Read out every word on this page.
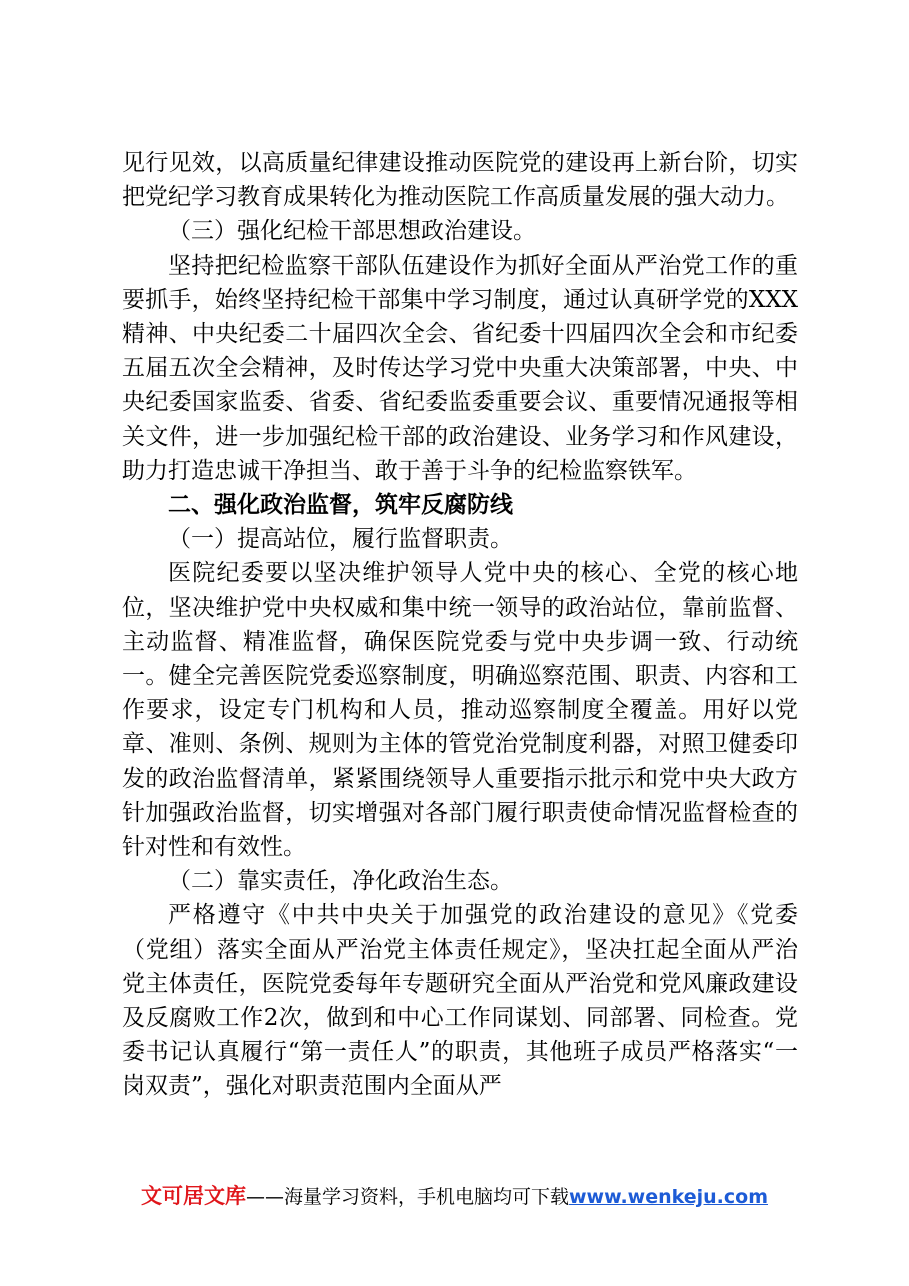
见行见效，以高质量纪律建设推动医院党的建设再上新台阶，切实把党纪学习教育成果转化为推动医院工作高质量发展的强大动力。

（三）强化纪检干部思想政治建设。

坚持把纪检监察干部队伍建设作为抓好全面从严治党工作的重要抓手，始终坚持纪检干部集中学习制度，通过认真研学党的XXX精神、中央纪委二十届四次全会、省纪委十四届四次全会和市纪委五届五次全会精神，及时传达学习党中央重大决策部署，中央、中央纪委国家监委、省委、省纪委监委重要会议、重要情况通报等相关文件，进一步加强纪检干部的政治建设、业务学习和作风建设，助力打造忠诚干净担当、敢于善于斗争的纪检监察铁军。

二、强化政治监督，筑牢反腐防线

（一）提高站位，履行监督职责。

医院纪委要以坚决维护领导人党中央的核心、全党的核心地位，坚决维护党中央权威和集中统一领导的政治站位，靠前监督、主动监督、精准监督，确保医院党委与党中央步调一致、行动统一。健全完善医院党委巡察制度，明确巡察范围、职责、内容和工作要求，设定专门机构和人员，推动巡察制度全覆盖。用好以党章、准则、条例、规则为主体的管党治党制度利器，对照卫健委印发的政治监督清单，紧紧围绕领导人重要指示批示和党中央大政方针加强政治监督，切实增强对各部门履行职责使命情况监督检查的针对性和有效性。

（二）靠实责任，净化政治生态。

严格遵守《中共中央关于加强党的政治建设的意见》《党委（党组）落实全面从严治党主体责任规定》，坚决扛起全面从严治党主体责任，医院党委每年专题研究全面从严治党和党风廉政建设及反腐败工作2次，做到和中心工作同谋划、同部署、同检查。党委书记认真履行“第一责任人”的职责，其他班子成员严格落实“一岗双责”，强化对职责范围内全面从严

文可居文库——海量学习资料，手机电脑均可下载www.wenkeju.com
